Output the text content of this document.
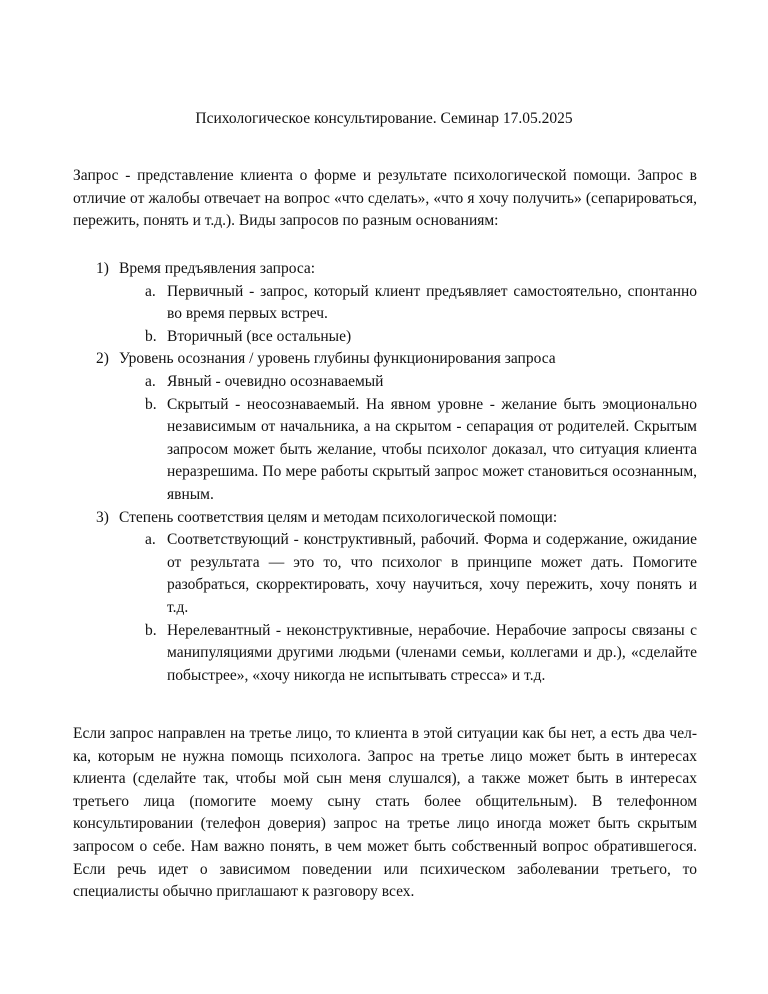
Психологическое консультирование. Семинар 17.05.2025

Запрос - представление клиента о форме и результате психологической помощи. Запрос в отличие от жалобы отвечает на вопрос «что сделать», «что я хочу получить» (сепарироваться, пережить, понять и т.д.). Виды запросов по разным основаниям:

1) Время предъявления запроса:
a. Первичный - запрос, который клиент предъявляет самостоятельно, спонтанно во время первых встреч.
b. Вторичный (все остальные)
2) Уровень осознания / уровень глубины функционирования запроса
a. Явный - очевидно осознаваемый
b. Скрытый - неосознаваемый. На явном уровне - желание быть эмоционально независимым от начальника, а на скрытом - сепарация от родителей. Скрытым запросом может быть желание, чтобы психолог доказал, что ситуация клиента неразрешима. По мере работы скрытый запрос может становиться осознанным, явным.
3) Степень соответствия целям и методам психологической помощи:
a. Соответствующий - конструктивный, рабочий. Форма и содержание, ожидание от результата — это то, что психолог в принципе может дать. Помогите разобраться, скорректировать, хочу научиться, хочу пережить, хочу понять и т.д.
b. Нерелевантный - неконструктивные, нерабочие. Нерабочие запросы связаны с манипуляциями другими людьми (членами семьи, коллегами и др.), «сделайте побыстрее», «хочу никогда не испытывать стресса» и т.д.

Если запрос направлен на третье лицо, то клиента в этой ситуации как бы нет, а есть два чел-ка, которым не нужна помощь психолога. Запрос на третье лицо может быть в интересах клиента (сделайте так, чтобы мой сын меня слушался), а также может быть в интересах третьего лица (помогите моему сыну стать более общительным). В телефонном консультировании (телефон доверия) запрос на третье лицо иногда может быть скрытым запросом о себе. Нам важно понять, в чем может быть собственный вопрос обратившегося. Если речь идет о зависимом поведении или психическом заболевании третьего, то специалисты обычно приглашают к разговору всех.
